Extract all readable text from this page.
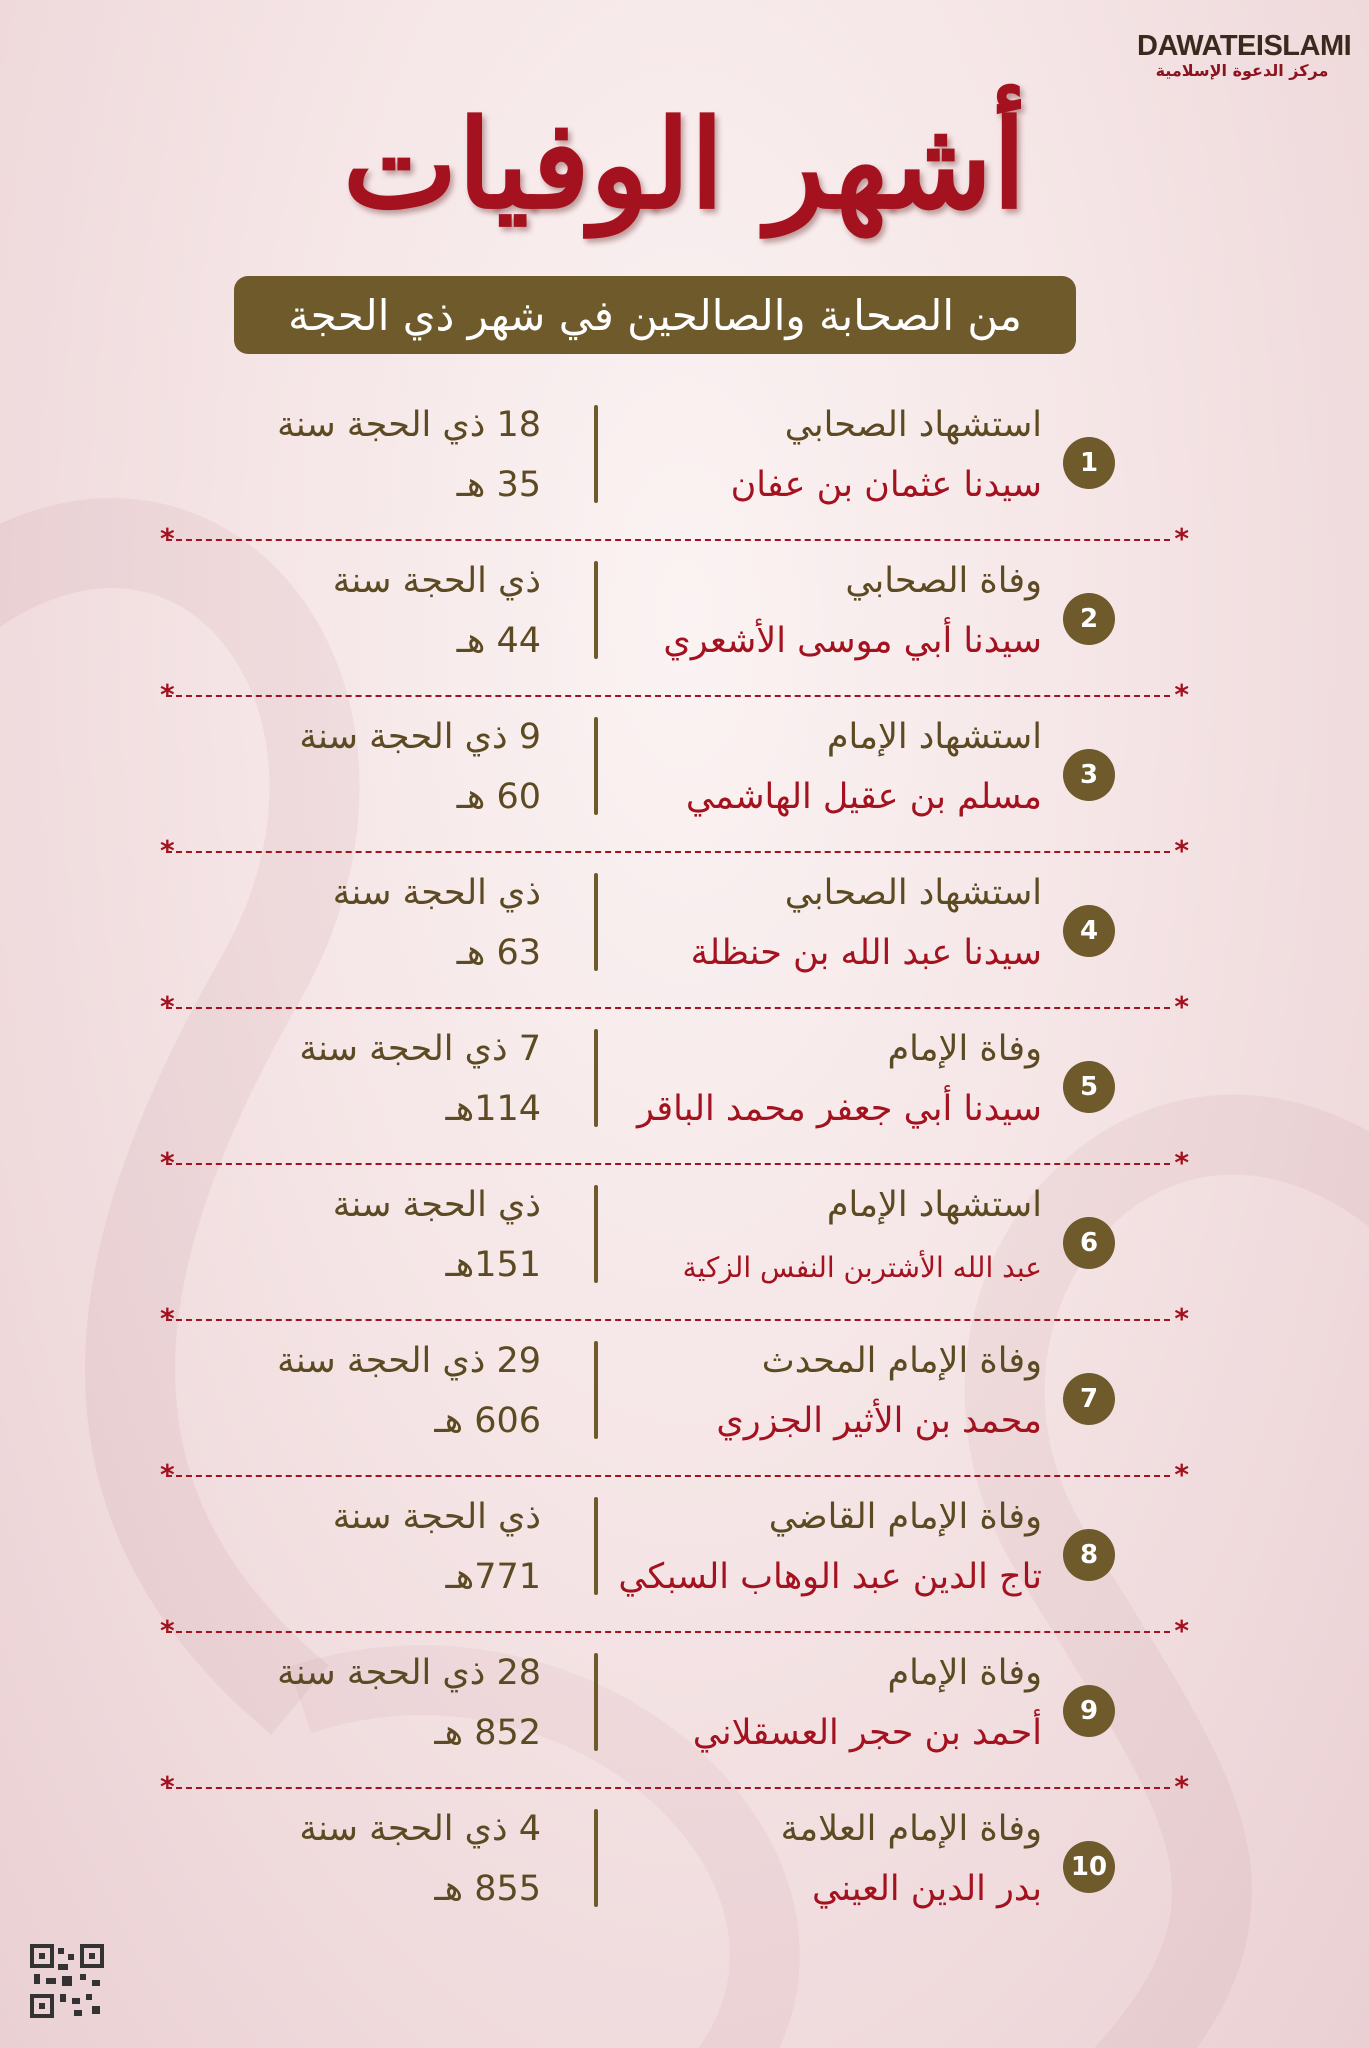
DAWATEISLAMI
مركز الدعوة الإسلامية
أشهر الوفيات
من الصحابة والصالحين في شهر ذي الحجة
1
استشهاد الصحابي
سيدنا عثمان بن عفان
18 ذي الحجة سنة
35 هـ
*	*
2
وفاة الصحابي
سيدنا أبي موسى الأشعري
ذي الحجة سنة
44 هـ
*	*
3
استشهاد الإمام
مسلم بن عقيل الهاشمي
9 ذي الحجة سنة
60 هـ
*	*
4
استشهاد الصحابي
سيدنا عبد الله بن حنظلة
ذي الحجة سنة
63 هـ
*	*
5
وفاة الإمام
سيدنا أبي جعفر محمد الباقر
7 ذي الحجة سنة
114هـ
*	*
6
استشهاد الإمام
عبد الله الأشتربن النفس الزكية
ذي الحجة سنة
151هـ
*	*
7
وفاة الإمام المحدث
محمد بن الأثير الجزري
29 ذي الحجة سنة
606 هـ
*	*
8
وفاة الإمام القاضي
تاج الدين عبد الوهاب السبكي
ذي الحجة سنة
771هـ
*	*
9
وفاة الإمام
أحمد بن حجر العسقلاني
28 ذي الحجة سنة
852 هـ
*	*
10
وفاة الإمام العلامة
بدر الدين العيني
4 ذي الحجة سنة
855 هـ
